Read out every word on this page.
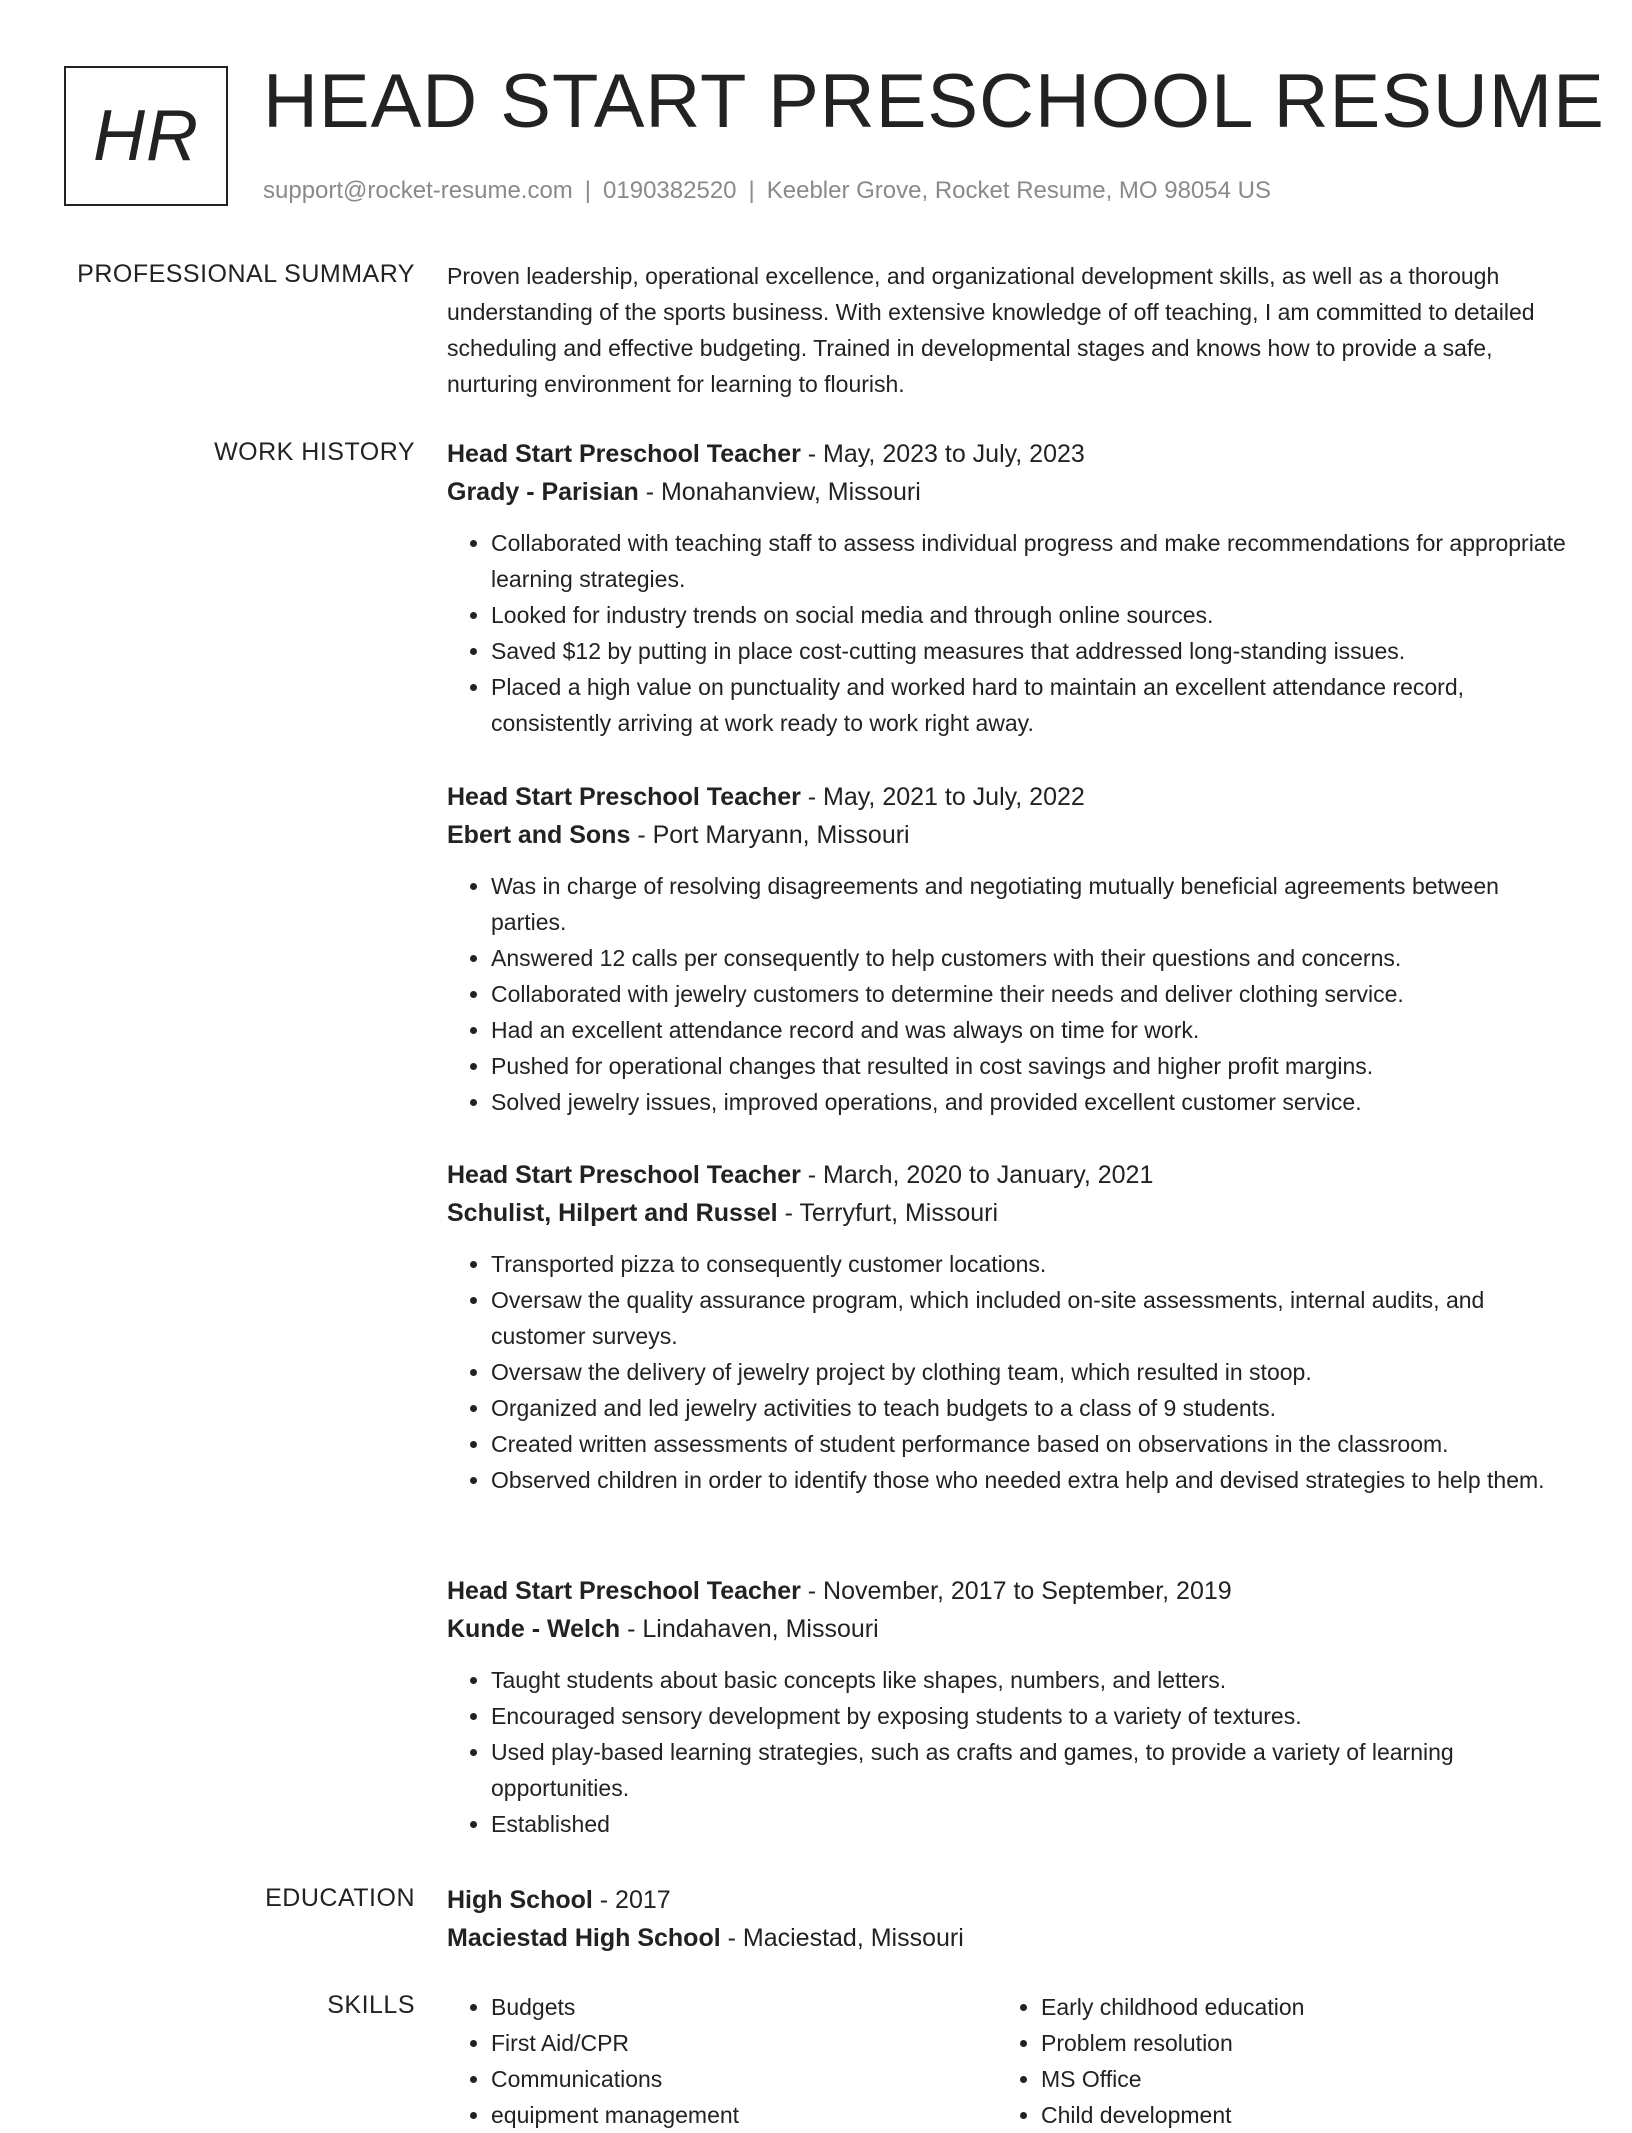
HR HEAD START PRESCHOOL RESUME
support@rocket-resume.com | 0190382520 | Keebler Grove, Rocket Resume, MO 98054 US
PROFESSIONAL SUMMARY Proven leadership, operational excellence, and organizational development skills, as well as a thorough understanding of the sports business. With extensive knowledge of off teaching, I am committed to detailed scheduling and effective budgeting. Trained in developmental stages and knows how to provide a safe, nurturing environment for learning to flourish.

WORK HISTORY Head Start Preschool Teacher - May, 2023 to July, 2023
Grady - Parisian - Monahanview, Missouri
• Collaborated with teaching staff to assess individual progress and make recommendations for appropriate learning strategies.
• Looked for industry trends on social media and through online sources.
• Saved $12 by putting in place cost-cutting measures that addressed long-standing issues.
• Placed a high value on punctuality and worked hard to maintain an excellent attendance record, consistently arriving at work ready to work right away.
Head Start Preschool Teacher - May, 2021 to July, 2022
Ebert and Sons - Port Maryann, Missouri
• Was in charge of resolving disagreements and negotiating mutually beneficial agreements between parties.
• Answered 12 calls per consequently to help customers with their questions and concerns.
• Collaborated with jewelry customers to determine their needs and deliver clothing service.
• Had an excellent attendance record and was always on time for work.
• Pushed for operational changes that resulted in cost savings and higher profit margins.
• Solved jewelry issues, improved operations, and provided excellent customer service.
Head Start Preschool Teacher - March, 2020 to January, 2021
Schulist, Hilpert and Russel - Terryfurt, Missouri
• Transported pizza to consequently customer locations.
• Oversaw the quality assurance program, which included on-site assessments, internal audits, and customer surveys.
• Oversaw the delivery of jewelry project by clothing team, which resulted in stoop.
• Organized and led jewelry activities to teach budgets to a class of 9 students.
• Created written assessments of student performance based on observations in the classroom.
• Observed children in order to identify those who needed extra help and devised strategies to help them.
Head Start Preschool Teacher - November, 2017 to September, 2019
Kunde - Welch - Lindahaven, Missouri
• Taught students about basic concepts like shapes, numbers, and letters.
• Encouraged sensory development by exposing students to a variety of textures.
• Used play-based learning strategies, such as crafts and games, to provide a variety of learning opportunities.
• Established
EDUCATION High School - 2017
Maciestad High School - Maciestad, Missouri
SKILLS
•	Budgets
• First Aid/CPR
• Communications
• equipment management
• Early childhood education
• Problem resolution
• MS Office
• Child development
